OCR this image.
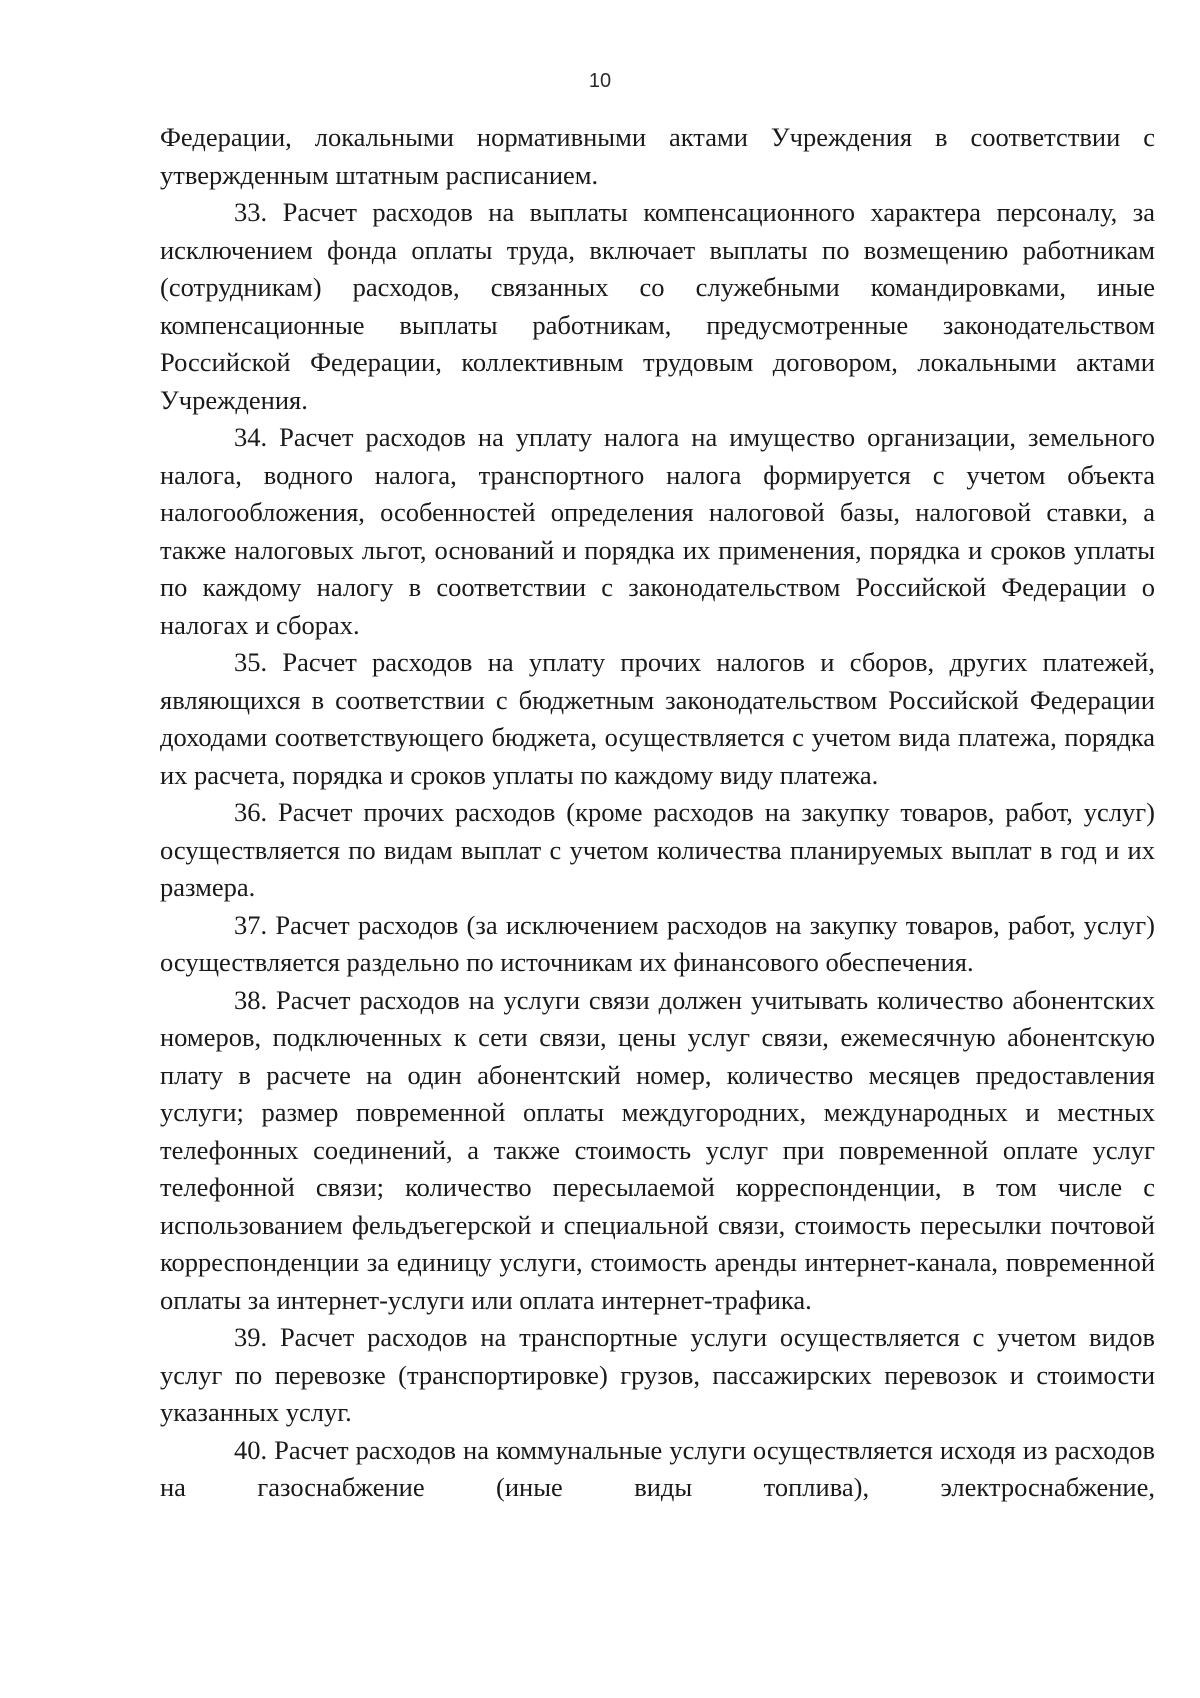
10

Федерации, локальными нормативными актами Учреждения в соответствии с утвержденным штатным расписанием.

33. Расчет расходов на выплаты компенсационного характера персоналу, за исключением фонда оплаты труда, включает выплаты по возмещению работникам (сотрудникам) расходов, связанных со служебными командировками, иные компенсационные выплаты работникам, предусмотренные законодательством Российской Федерации, коллективным трудовым договором, локальными актами Учреждения.

34. Расчет расходов на уплату налога на имущество организации, земельного налога, водного налога, транспортного налога формируется с учетом объекта налогообложения, особенностей определения налоговой базы, налоговой ставки, а также налоговых льгот, оснований и порядка их применения, порядка и сроков уплаты по каждому налогу в соответствии с законодательством Российской Федерации о налогах и сборах.

35. Расчет расходов на уплату прочих налогов и сборов, других платежей, являющихся в соответствии с бюджетным законодательством Российской Федерации доходами соответствующего бюджета, осуществляется с учетом вида платежа, порядка их расчета, порядка и сроков уплаты по каждому виду платежа.

36. Расчет прочих расходов (кроме расходов на закупку товаров, работ, услуг) осуществляется по видам выплат с учетом количества планируемых выплат в год и их размера.

37. Расчет расходов (за исключением расходов на закупку товаров, работ, услуг) осуществляется раздельно по источникам их финансового обеспечения.

38. Расчет расходов на услуги связи должен учитывать количество абонентских номеров, подключенных к сети связи, цены услуг связи, ежемесячную абонентскую плату в расчете на один абонентский номер, количество месяцев предоставления услуги; размер повременной оплаты междугородних, международных и местных телефонных соединений, а также стоимость услуг при повременной оплате услуг телефонной связи; количество пересылаемой корреспонденции, в том числе с использованием фельдъегерской и специальной связи, стоимость пересылки почтовой корреспонденции за единицу услуги, стоимость аренды интернет-канала, повременной оплаты за интернет-услуги или оплата интернет-трафика.

39. Расчет расходов на транспортные услуги осуществляется с учетом видов услуг по перевозке (транспортировке) грузов, пассажирских перевозок и стоимости указанных услуг.

40. Расчет расходов на коммунальные услуги осуществляется исходя из расходов на газоснабжение (иные виды топлива), электроснабжение,
